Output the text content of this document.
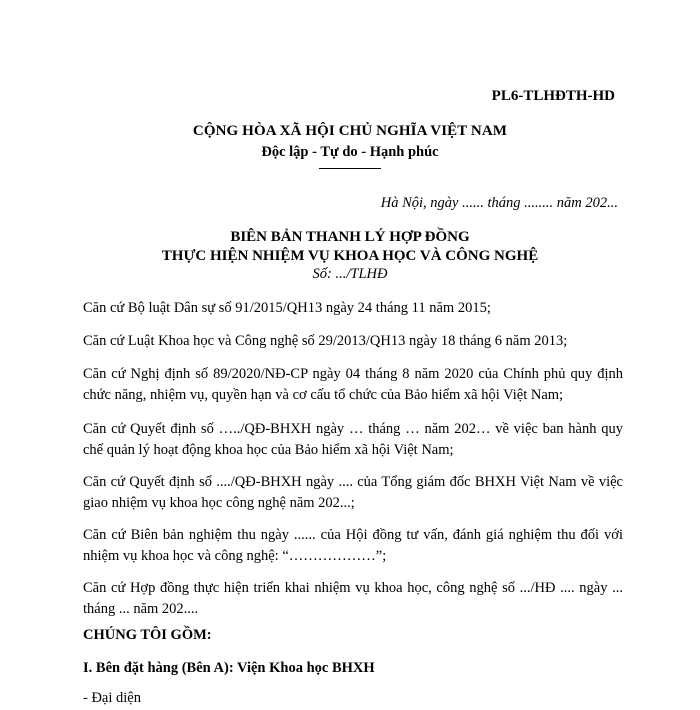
PL6-TLHĐTH-HD
CỘNG HÒA XÃ HỘI CHỦ NGHĨA VIỆT NAM
Độc lập - Tự do - Hạnh phúc
Hà Nội, ngày ...... tháng ........ năm 202...
BIÊN BẢN THANH LÝ HỢP ĐỒNG
THỰC HIỆN NHIỆM VỤ KHOA HỌC VÀ CÔNG NGHỆ
Số: .../TLHĐ
Căn cứ Bộ luật Dân sự số 91/2015/QH13 ngày 24 tháng 11 năm 2015;
Căn cứ Luật Khoa học và Công nghệ số 29/2013/QH13 ngày 18 tháng 6 năm 2013;
Căn cứ Nghị định số 89/2020/NĐ-CP ngày 04 tháng 8 năm 2020 của Chính phủ quy định chức năng, nhiệm vụ, quyền hạn và cơ cấu tổ chức của Bảo hiểm xã hội Việt Nam;
Căn cứ Quyết định số …../QĐ-BHXH ngày … tháng … năm 202… về việc ban hành quy chế quản lý hoạt động khoa học của Bảo hiểm xã hội Việt Nam;
Căn cứ Quyết định số ..../QĐ-BHXH ngày .... của Tổng giám đốc BHXH Việt Nam về việc giao nhiệm vụ khoa học công nghệ năm 202...;
Căn cứ Biên bản nghiệm thu ngày ...... của Hội đồng tư vấn, đánh giá nghiệm thu đối với nhiệm vụ khoa học và công nghệ: “………………”;
Căn cứ Hợp đồng thực hiện triển khai nhiệm vụ khoa học, công nghệ số .../HĐ .... ngày ... tháng ... năm 202....
CHÚNG TÔI GỒM:
I. Bên đặt hàng (Bên A): Viện Khoa học BHXH
- Đại diện
